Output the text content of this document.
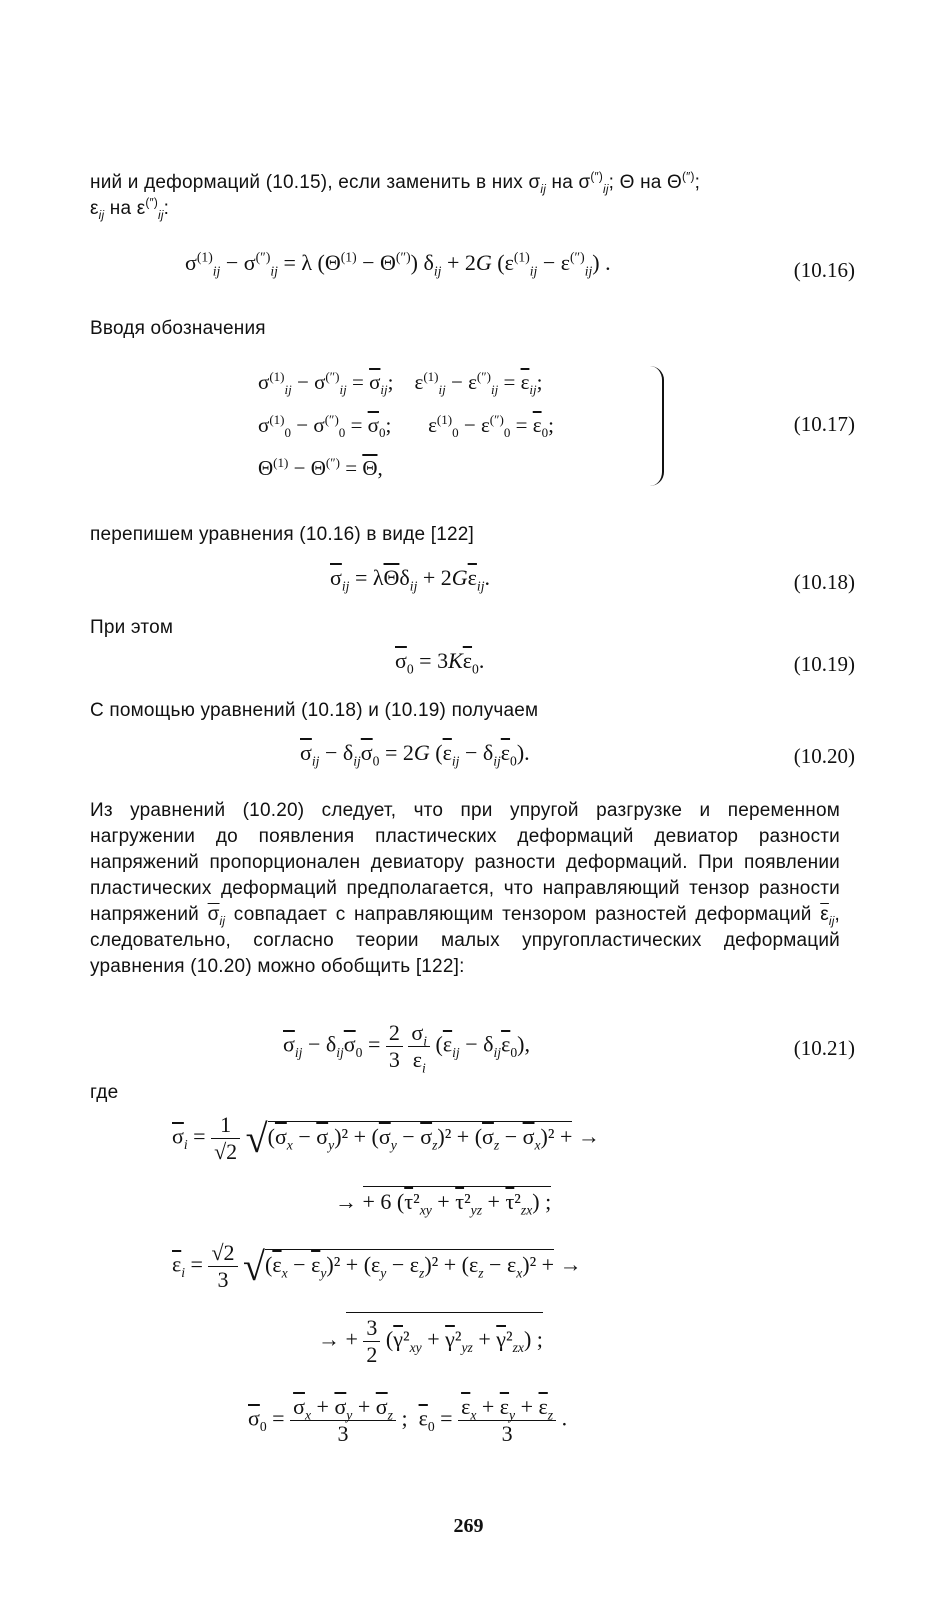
ний и деформаций (10.15), если заменить в них $\sigma_{ij}$ на $\sigma^{('')}_{ij}$; Θ на Θ(″);
$\varepsilon_{ij}$ на $\varepsilon^{('')}_{ij}$:
$\sigma^{(1)}_{ij} - \sigma^{('')}_{ij} = \lambda$ $(\Theta^{(1)} - \Theta^{('')}) \delta_{ij} + 2G$ $(\varepsilon^{(1)}_{ij} - \varepsilon^{('')}_{ij})$ .	(10.16)
Вводя обозначения
$\sigma^{(1)}_{ij} - \sigma^{('')}_{ij} = \overline{\sigma}_{ij}$;    $\varepsilon^{(1)}_{ij} - \varepsilon^{('')}_{ij} = \overline{\varepsilon}_{ij}$;
$\sigma^{(1)}_0 - \sigma^{('')}_0 = \overline{\sigma}_0$;       $\varepsilon^{(1)}_0 - \varepsilon^{('')}_0 = \overline{\varepsilon}_0$;
$\Theta^{(1)} - \Theta^{('')} = \overline{\Theta}$,
(10.17)
перепишем уравнения (10.16) в виде [122]
$\overline{\sigma}_{ij} = \lambda\overline{\Theta}\delta_{ij} + 2G\overline{\varepsilon}_{ij}$.	(10.18)
При этом
$\overline{\sigma}_0 = 3K\overline{\varepsilon}_0$.	(10.19)
С помощью уравнений (10.18) и (10.19) получаем
$\overline{\sigma}_{ij} - \delta_{ij}\overline{\sigma}_0 = 2G$ $(\overline{\varepsilon}_{ij} - \delta_{ij}\overline{\varepsilon}_0)$.	(10.20)
Из уравнений (10.20) следует, что при упругой разгрузке и переменном нагружении до появления пластических деформаций девиатор разности напряжений пропорционален девиатору разности деформаций. При появлении пластических деформаций предполагается, что направляющий тензор разности напряжений $\overline{\sigma}_{ij}$ совпадает с направляющим тензором разностей деформаций $\overline{\varepsilon}_{ij}$, следовательно, согласно теории малых упругопластических деформаций уравнения (10.20) можно обобщить [122]:
$\overline{\sigma}_{ij} - \delta_{ij}\overline{\sigma}_0 = \frac{2}{3}$
$\frac{\sigma_i}{\varepsilon_i} (\overline{\varepsilon}_{ij} - \delta_{ij}\overline{\varepsilon}_0)$,	(10.21)
где
$\overline{\sigma}_i = \frac{1}{√2} √(\overline{\sigma}_x - \overline{\sigma}_y)^2 + (\overline{\sigma}_y - \overline{\sigma}_z)^2 + (\overline{\sigma}_z - \overline{\sigma}_x)^2$ + →
→ + 6 $(\overline{\tau}^2_{xy} + \overline{\tau}^2_{yz} + \overline{\tau}^2_{zx})$ ;
$\overline{\varepsilon}_i = \frac{√2}{3} √(\overline{\varepsilon}_x - \overline{\varepsilon}_y)^2 + (\varepsilon_y - \varepsilon_z)^2 + (\varepsilon_z - \varepsilon_x)^2$ + →
→ + $\frac{3}{2} (\overline{\gamma}^2_{xy} + \overline{\gamma}^2_{yz} + \overline{\gamma}^2_{zx})$ ;
$\overline{\sigma}_0 = \frac{\overline{\sigma}_x + \overline{\sigma}_y + \overline{\sigma}_z}{3}$ ;  $\overline{\varepsilon}_0 = \frac{\overline{\varepsilon}_x + \overline{\varepsilon}_y + \overline{\varepsilon}_z}{3}$ .
269
